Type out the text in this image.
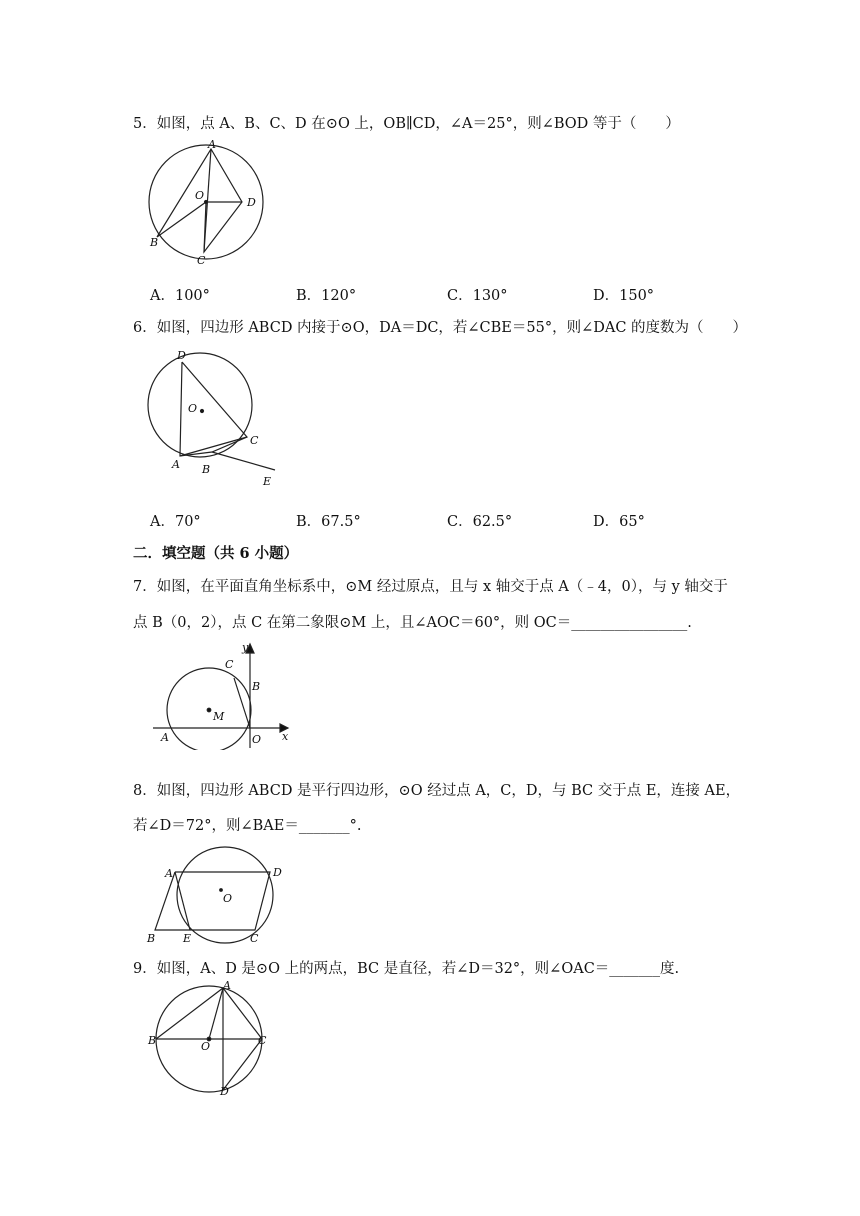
5．如图，点 A、B、C、D 在⊙O 上，OB∥CD，∠A＝25°，则∠BOD 等于（　　）
A
B
C
D
O
A．100°	B．120°	C．130°	D．150°
6．如图，四边形 ABCD 内接于⊙O，DA＝DC，若∠CBE＝55°，则∠DAC 的度数为（　　）
D
O
C
A B
E
A．70°	B．67.5°	C．62.5°	D．65°
二．填空题（共 6 小题）
7．如图，在平面直角坐标系中，⊙M 经过原点，且与 x 轴交于点 A（﹣4，0），与 y 轴交于
点 B（0，2），点 C 在第二象限⊙M 上，且∠AOC＝60°，则 OC＝________________.
y
C
B
M
A	O x
8．如图，四边形 ABCD 是平行四边形，⊙O 经过点 A，C，D，与 BC 交于点 E，连接 AE，
若∠D＝72°，则∠BAE＝_______°.
A	D
O
B	E	C
9．如图，A、D 是⊙O 上的两点，BC 是直径，若∠D＝32°，则∠OAC＝_______度.
A
B	O	C
D
